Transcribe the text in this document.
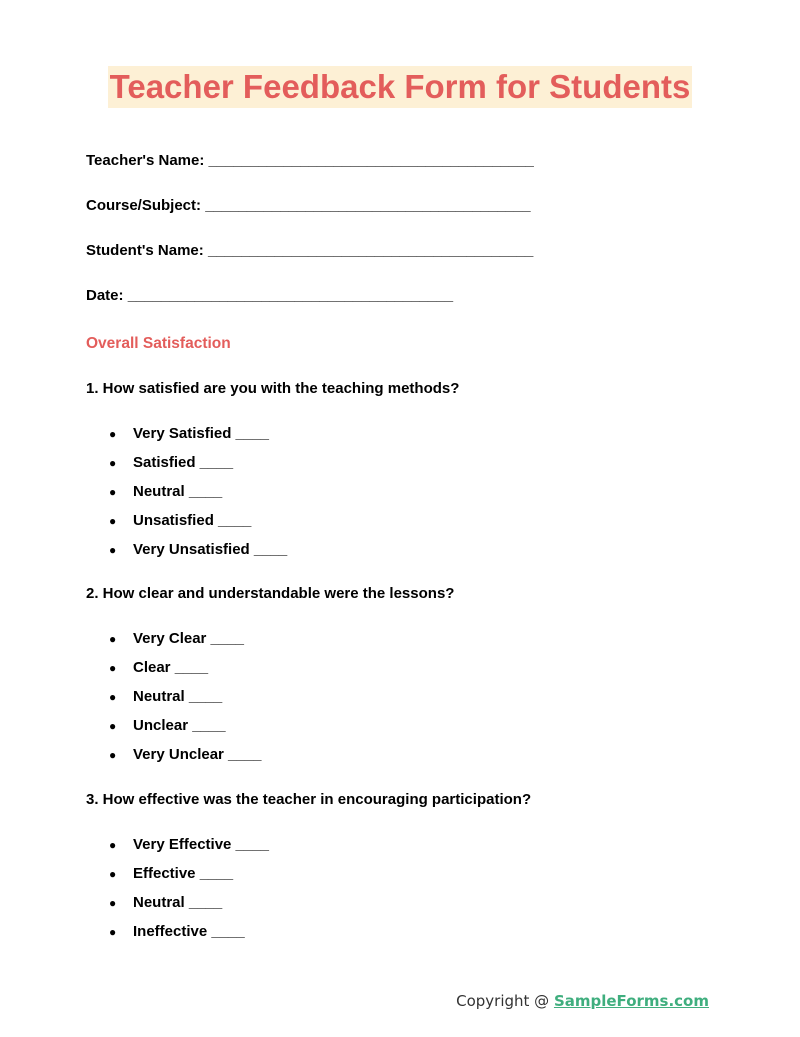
Teacher Feedback Form for Students
Teacher's Name: _______________________________________
Course/Subject: _______________________________________
Student's Name: _______________________________________
Date: _______________________________________
Overall Satisfaction
1. How satisfied are you with the teaching methods?
● Very Satisfied ____
● Satisfied ____
● Neutral ____
● Unsatisfied ____
● Very Unsatisfied ____
2. How clear and understandable were the lessons?
● Very Clear ____
● Clear ____
● Neutral ____
● Unclear ____
● Very Unclear ____
3. How effective was the teacher in encouraging participation?
● Very Effective ____
● Effective ____
● Neutral ____
● Ineffective ____
Copyright @ SampleForms.com
